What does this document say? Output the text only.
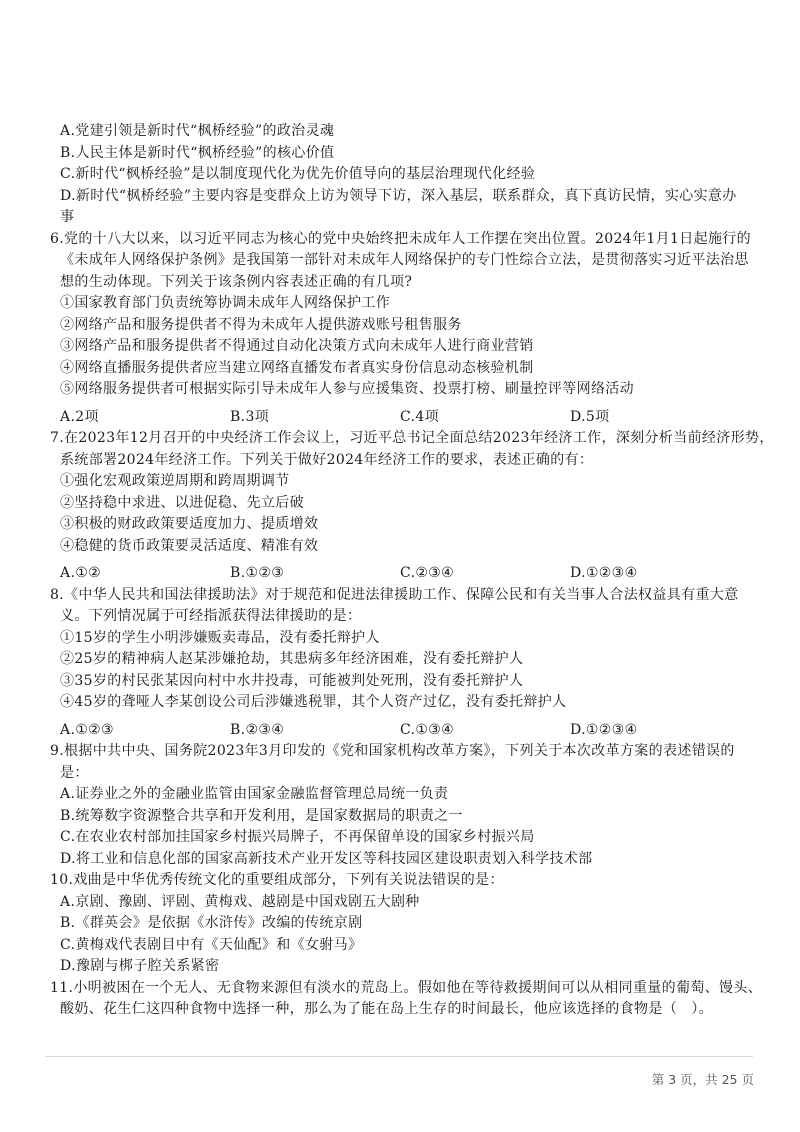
A.党建引领是新时代“枫桥经验”的政治灵魂
B.人民主体是新时代“枫桥经验”的核心价值
C.新时代“枫桥经验”是以制度现代化为优先价值导向的基层治理现代化经验
D.新时代“枫桥经验”主要内容是变群众上访为领导下访，深入基层，联系群众，真下真访民情，实心实意办
事
6.党的十八大以来，以习近平同志为核心的党中央始终把未成年人工作摆在突出位置。2024年1月1日起施行的
《未成年人网络保护条例》是我国第一部针对未成年人网络保护的专门性综合立法，是贯彻落实习近平法治思
想的生动体现。下列关于该条例内容表述正确的有几项?
①国家教育部门负责统筹协调未成年人网络保护工作
②网络产品和服务提供者不得为未成年人提供游戏账号租售服务
③网络产品和服务提供者不得通过自动化决策方式向未成年人进行商业营销
④网络直播服务提供者应当建立网络直播发布者真实身份信息动态核验机制
⑤网络服务提供者可根据实际引导未成年人参与应援集资、投票打榜、刷量控评等网络活动
A.2项	B.3项	C.4项	D.5项
7.在2023年12月召开的中央经济工作会议上，习近平总书记全面总结2023年经济工作，深刻分析当前经济形势，
系统部署2024年经济工作。下列关于做好2024年经济工作的要求，表述正确的有：
①强化宏观政策逆周期和跨周期调节
②坚持稳中求进、以进促稳、先立后破
③积极的财政政策要适度加力、提质增效
④稳健的货币政策要灵活适度、精准有效
A.①②	B.①②③	C.②③④	D.①②③④
8.《中华人民共和国法律援助法》对于规范和促进法律援助工作、保障公民和有关当事人合法权益具有重大意
义。下列情况属于可经指派获得法律援助的是：
①15岁的学生小明涉嫌贩卖毒品，没有委托辩护人
②25岁的精神病人赵某涉嫌抢劫，其患病多年经济困难，没有委托辩护人
③35岁的村民张某因向村中水井投毒，可能被判处死刑，没有委托辩护人
④45岁的聋哑人李某创设公司后涉嫌逃税罪，其个人资产过亿，没有委托辩护人
A.①②③	B.②③④	C.①③④	D.①②③④
9.根据中共中央、国务院2023年3月印发的《党和国家机构改革方案》，下列关于本次改革方案的表述错误的
是：
A.证券业之外的金融业监管由国家金融监督管理总局统一负责
B.统筹数字资源整合共享和开发利用，是国家数据局的职责之一
C.在农业农村部加挂国家乡村振兴局牌子，不再保留单设的国家乡村振兴局
D.将工业和信息化部的国家高新技术产业开发区等科技园区建设职责划入科学技术部
10.戏曲是中华优秀传统文化的重要组成部分，下列有关说法错误的是：
A.京剧、豫剧、评剧、黄梅戏、越剧是中国戏剧五大剧种
B.《群英会》是依据《水浒传》改编的传统京剧
C.黄梅戏代表剧目中有《天仙配》和《女驸马》
D.豫剧与梆子腔关系紧密
11.小明被困在一个无人、无食物来源但有淡水的荒岛上。假如他在等待救援期间可以从相同重量的葡萄、馒头、
酸奶、花生仁这四种食物中选择一种，那么为了能在岛上生存的时间最长，他应该选择的食物是（　）。
第 3 页，共 25 页
